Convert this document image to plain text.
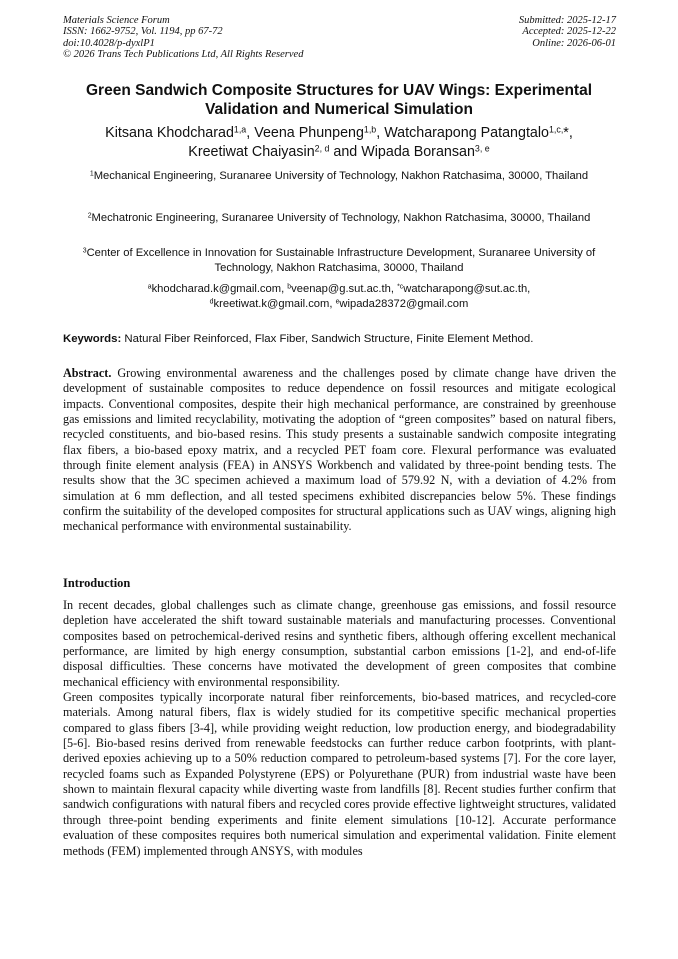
Materials Science Forum
ISSN: 1662-9752, Vol. 1194, pp 67-72
doi:10.4028/p-dyxlP1
© 2026 Trans Tech Publications Ltd, All Rights Reserved
Submitted: 2025-12-17
Accepted: 2025-12-22
Online: 2026-06-01
Green Sandwich Composite Structures for UAV Wings: Experimental Validation and Numerical Simulation
Kitsana Khodcharad$^{1,a}$, Veena Phunpeng$^{1,b}$, Watcharapong Patangtalo$^{1,c,}$*,
Kreetiwat Chaiyasin$^{2, d}$ and Wipada Boransan$^{3, e}$
$^1$Mechanical Engineering, Suranaree University of Technology, Nakhon Ratchasima, 30000, Thailand
$^2$Mechatronic Engineering, Suranaree University of Technology, Nakhon Ratchasima, 30000, Thailand
$^3$Center of Excellence in Innovation for Sustainable Infrastructure Development, Suranaree University of Technology, Nakhon Ratchasima, 30000, Thailand
$^a$khodcharad.k@gmail.com, $^b$veenap@g.sut.ac.th, $^{*c}$watcharapong@sut.ac.th,
$^d$kreetiwat.k@gmail.com, $^e$wipada28372@gmail.com
Keywords: Natural Fiber Reinforced, Flax Fiber, Sandwich Structure, Finite Element Method.
Abstract. Growing environmental awareness and the challenges posed by climate change have driven the development of sustainable composites to reduce dependence on fossil resources and mitigate ecological impacts. Conventional composites, despite their high mechanical performance, are constrained by greenhouse gas emissions and limited recyclability, motivating the adoption of “green composites” based on natural fibers, recycled constituents, and bio-based resins. This study presents a sustainable sandwich composite integrating flax fibers, a bio-based epoxy matrix, and a recycled PET foam core. Flexural performance was evaluated through finite element analysis (FEA) in ANSYS Workbench and validated by three-point bending tests. The results show that the 3C specimen achieved a maximum load of 579.92 N, with a deviation of 4.2% from simulation at 6 mm deflection, and all tested specimens exhibited discrepancies below 5%. These findings confirm the suitability of the developed composites for structural applications such as UAV wings, aligning high mechanical performance with environmental sustainability.
Introduction

In recent decades, global challenges such as climate change, greenhouse gas emissions, and fossil resource depletion have accelerated the shift toward sustainable materials and manufacturing processes. Conventional composites based on petrochemical-derived resins and synthetic fibers, although offering excellent mechanical performance, are limited by high energy consumption, substantial carbon emissions [1-2], and end-of-life disposal difficulties. These concerns have motivated the development of green composites that combine mechanical efficiency with environmental responsibility.

Green composites typically incorporate natural fiber reinforcements, bio-based matrices, and recycled-core materials. Among natural fibers, flax is widely studied for its competitive specific mechanical properties compared to glass fibers [3-4], while providing weight reduction, low production energy, and biodegradability [5-6]. Bio-based resins derived from renewable feedstocks can further reduce carbon footprints, with plant-derived epoxies achieving up to a 50% reduction compared to petroleum-based systems [7]. For the core layer, recycled foams such as Expanded Polystyrene (EPS) or Polyurethane (PUR) from industrial waste have been shown to maintain flexural capacity while diverting waste from landfills [8]. Recent studies further confirm that sandwich configurations with natural fibers and recycled cores provide effective lightweight structures, validated through three-point bending experiments and finite element simulations [10-12]. Accurate performance evaluation of these composites requires both numerical simulation and experimental validation. Finite element methods (FEM) implemented through ANSYS, with modules
